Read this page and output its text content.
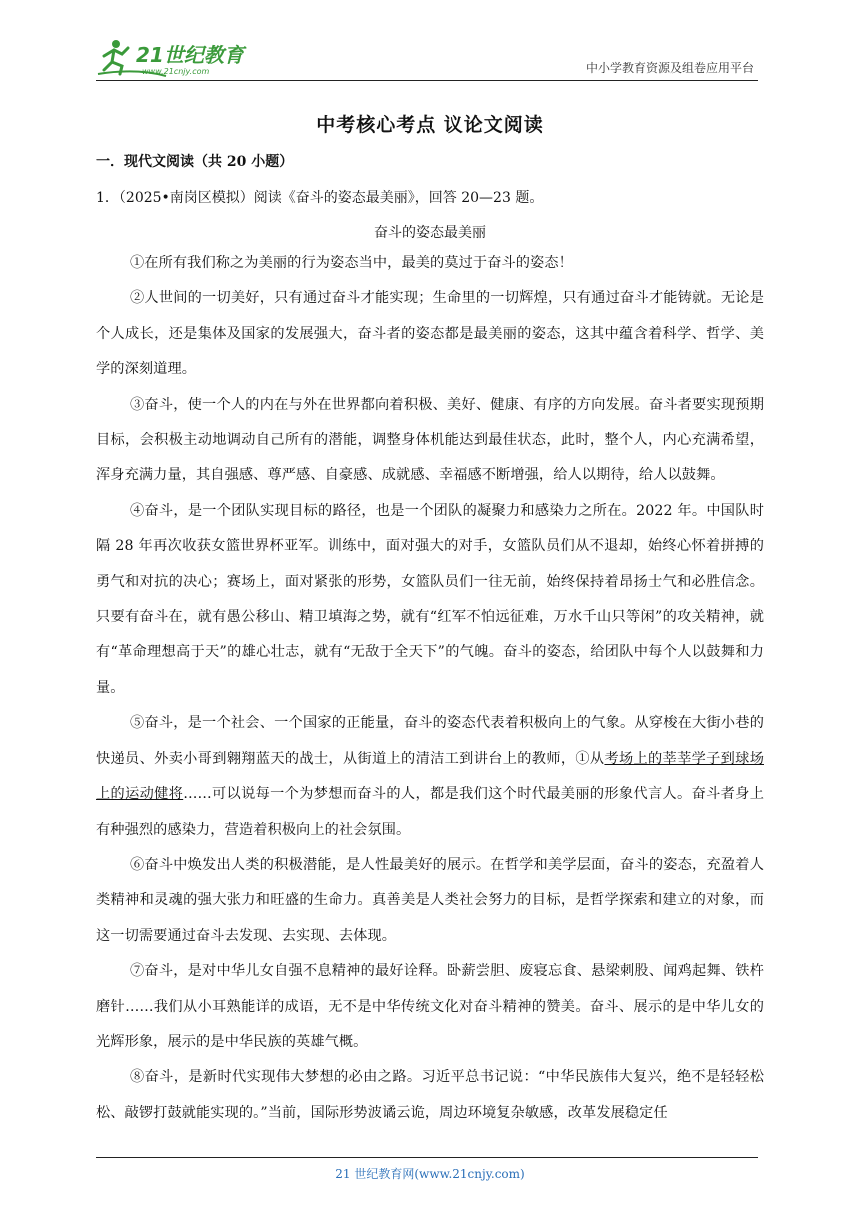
21世纪教育
www.21cnjy.com	中小学教育资源及组卷应用平台
中考核心考点 议论文阅读
一．现代文阅读（共 20 小题）
1．（2025•南岗区模拟）阅读《奋斗的姿态最美丽》，回答 20—23 题。
奋斗的姿态最美丽

①在所有我们称之为美丽的行为姿态当中，最美的莫过于奋斗的姿态！

②人世间的一切美好，只有通过奋斗才能实现；生命里的一切辉煌，只有通过奋斗才能铸就。无论是个人成长，还是集体及国家的发展强大，奋斗者的姿态都是最美丽的姿态，这其中蕴含着科学、哲学、美学的深刻道理。

③奋斗，使一个人的内在与外在世界都向着积极、美好、健康、有序的方向发展。奋斗者要实现预期目标，会积极主动地调动自己所有的潜能，调整身体机能达到最佳状态，此时，整个人，内心充满希望，浑身充满力量，其自强感、尊严感、自豪感、成就感、幸福感不断增强，给人以期待，给人以鼓舞。

④奋斗，是一个团队实现目标的路径，也是一个团队的凝聚力和感染力之所在。2022 年。中国队时隔 28 年再次收获女篮世界杯亚军。训练中，面对强大的对手，女篮队员们从不退却，始终心怀着拼搏的勇气和对抗的决心；赛场上，面对紧张的形势，女篮队员们一往无前，始终保持着昂扬士气和必胜信念。只要有奋斗在，就有愚公移山、精卫填海之势，就有“红军不怕远征难，万水千山只等闲”的攻关精神，就有“革命理想高于天”的雄心壮志，就有“无敌于全天下”的气魄。奋斗的姿态，给团队中每个人以鼓舞和力量。

⑤奋斗，是一个社会、一个国家的正能量，奋斗的姿态代表着积极向上的气象。从穿梭在大街小巷的快递员、外卖小哥到翱翔蓝天的战士，从街道上的清洁工到讲台上的教师，①从考场上的莘莘学子到球场上的运动健将……可以说每一个为梦想而奋斗的人，都是我们这个时代最美丽的形象代言人。奋斗者身上有种强烈的感染力，营造着积极向上的社会氛围。

⑥奋斗中焕发出人类的积极潜能，是人性最美好的展示。在哲学和美学层面，奋斗的姿态，充盈着人类精神和灵魂的强大张力和旺盛的生命力。真善美是人类社会努力的目标，是哲学探索和建立的对象，而这一切需要通过奋斗去发现、去实现、去体现。

⑦奋斗，是对中华儿女自强不息精神的最好诠释。卧薪尝胆、废寝忘食、悬梁刺股、闻鸡起舞、铁杵磨针……我们从小耳熟能详的成语，无不是中华传统文化对奋斗精神的赞美。奋斗、展示的是中华儿女的光辉形象，展示的是中华民族的英雄气概。

⑧奋斗，是新时代实现伟大梦想的必由之路。习近平总书记说：“中华民族伟大复兴，绝不是轻轻松松、敲锣打鼓就能实现的。”当前，国际形势波谲云诡，周边环境复杂敏感，改革发展稳定任

21 世纪教育网(www.21cnjy.com)
